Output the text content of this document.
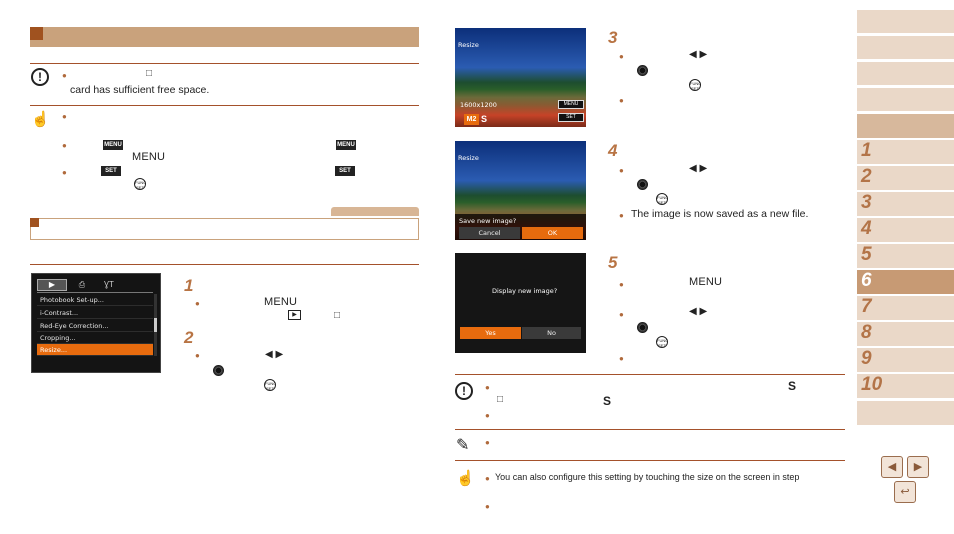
!	●	□
card has sufficient free space.
☝ ●
●	MENU	MENU
MENU
●	SET	SET
FUNC SET
▶	⎙	ƔT
Photobook Set-up...
i-Contrast...
Red-Eye Correction...
Cropping...
Resize...
1
●	MENU
▶	□
2
●	◀ ▶
FUNC SET
Resize
1600x1200
M2 S
MENU
SET
3
●	◀ ▶
FUNC SET
●
Resize
Save new image?
Cancel	OK
4
●	◀ ▶
FUNC SET
● The image is now saved as a new file.
Display new image?
Yes	No
5
●	MENU
●	◀ ▶
FUNC SET
●
!	●	S
□	S
●
✎ ●
☝ ● You can also configure this setting by touching the size on the screen in step
●
1
2
3
4
5
6
7
8
9
10
◀	▶
↩
